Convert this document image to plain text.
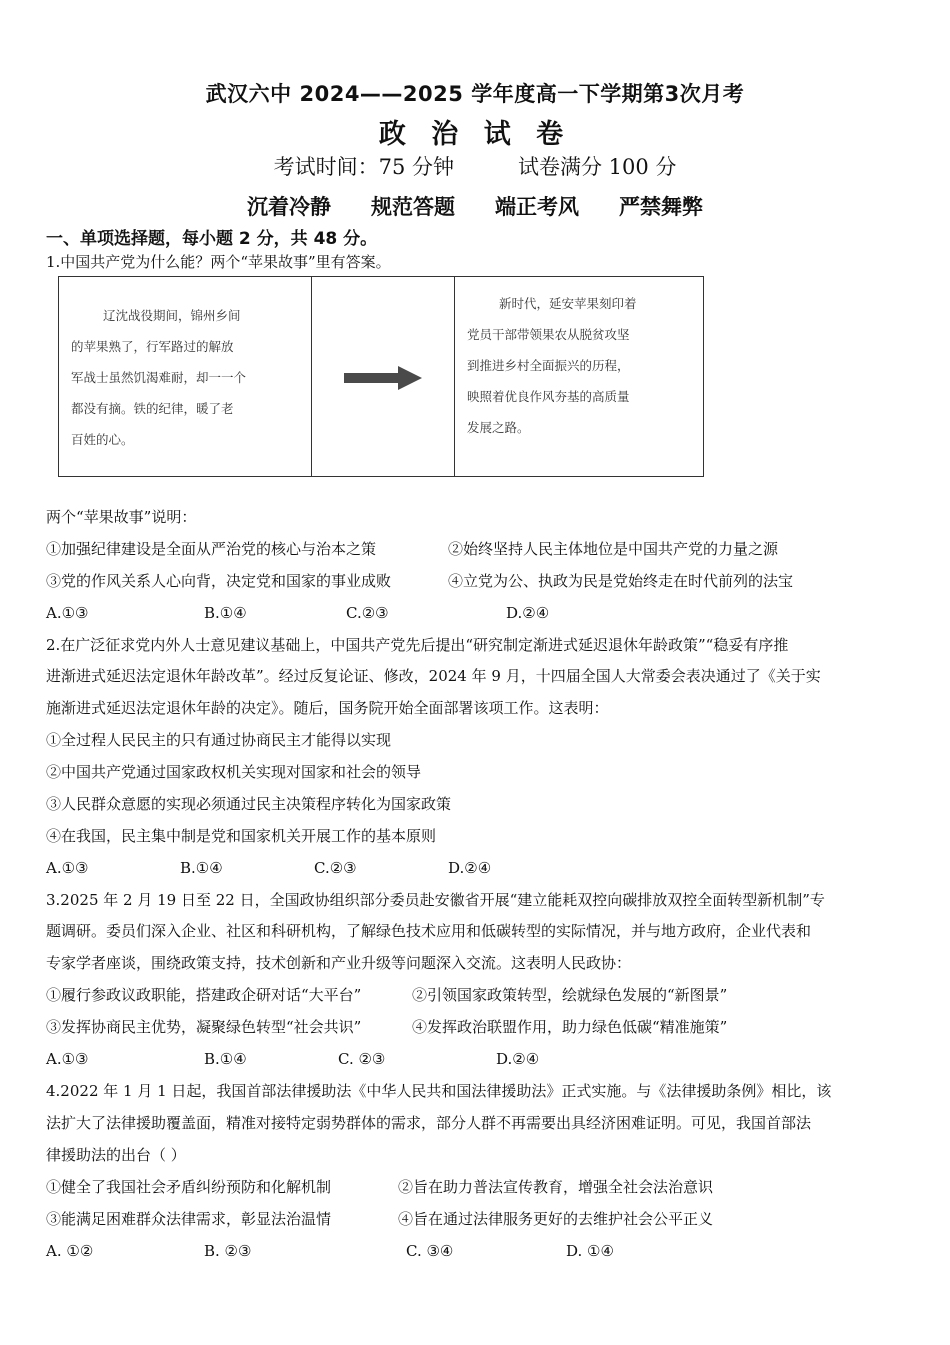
武汉六中 2024——2025 学年度高一下学期第3次月考
政 治 试 卷
考试时间：75 分钟	试卷满分 100 分
沉着冷静 规范答题 端正考风 严禁舞弊
一、单项选择题，每小题 2 分，共 48 分。
1.中国共产党为什么能？两个“苹果故事”里有答案。
辽沈战役期间，锦州乡间
的苹果熟了，行军路过的解放
军战士虽然饥渴难耐，却一一个
都没有摘。铁的纪律，暖了老
百姓的心。
新时代，延安苹果刻印着
党员干部带领果农从脱贫攻坚
到推进乡村全面振兴的历程，
映照着优良作风夯基的高质量
发展之路。
两个“苹果故事”说明：
①加强纪律建设是全面从严治党的核心与治本之策	②始终坚持人民主体地位是中国共产党的力量之源
③党的作风关系人心向背，决定党和国家的事业成败	④立党为公、执政为民是党始终走在时代前列的法宝
A.①③	B.①④	C.②③	D.②④
2.在广泛征求党内外人士意见建议基础上，中国共产党先后提出“研究制定渐进式延迟退休年龄政策”“稳妥有序推
进渐进式延迟法定退休年龄改革”。经过反复论证、修改，2024 年 9 月，十四届全国人大常委会表决通过了《关于实
施渐进式延迟法定退休年龄的决定》。随后，国务院开始全面部署该项工作。这表明：
①全过程人民民主的只有通过协商民主才能得以实现
②中国共产党通过国家政权机关实现对国家和社会的领导
③人民群众意愿的实现必须通过民主决策程序转化为国家政策
④在我国，民主集中制是党和国家机关开展工作的基本原则
A.①③	B.①④	C.②③	D.②④
3.2025 年 2 月 19 日至 22 日，全国政协组织部分委员赴安徽省开展“建立能耗双控向碳排放双控全面转型新机制”专
题调研。委员们深入企业、社区和科研机构，了解绿色技术应用和低碳转型的实际情况，并与地方政府，企业代表和
专家学者座谈，围绕政策支持，技术创新和产业升级等问题深入交流。这表明人民政协：
①履行参政议政职能，搭建政企研对话“大平台”	②引领国家政策转型，绘就绿色发展的“新图景”
③发挥协商民主优势，凝聚绿色转型“社会共识”	④发挥政治联盟作用，助力绿色低碳“精准施策”
A.①③	B.①④	C. ②③	D.②④
4.2022 年 1 月 1 日起，我国首部法律援助法《中华人民共和国法律援助法》正式实施。与《法律援助条例》相比，该
法扩大了法律援助覆盖面，精准对接特定弱势群体的需求，部分人群不再需要出具经济困难证明。可见，我国首部法
律援助法的出台（ ）
①健全了我国社会矛盾纠纷预防和化解机制	②旨在助力普法宣传教育，增强全社会法治意识
③能满足困难群众法律需求，彰显法治温情	④旨在通过法律服务更好的去维护社会公平正义
A. ①②	B. ②③	C. ③④	D. ①④
